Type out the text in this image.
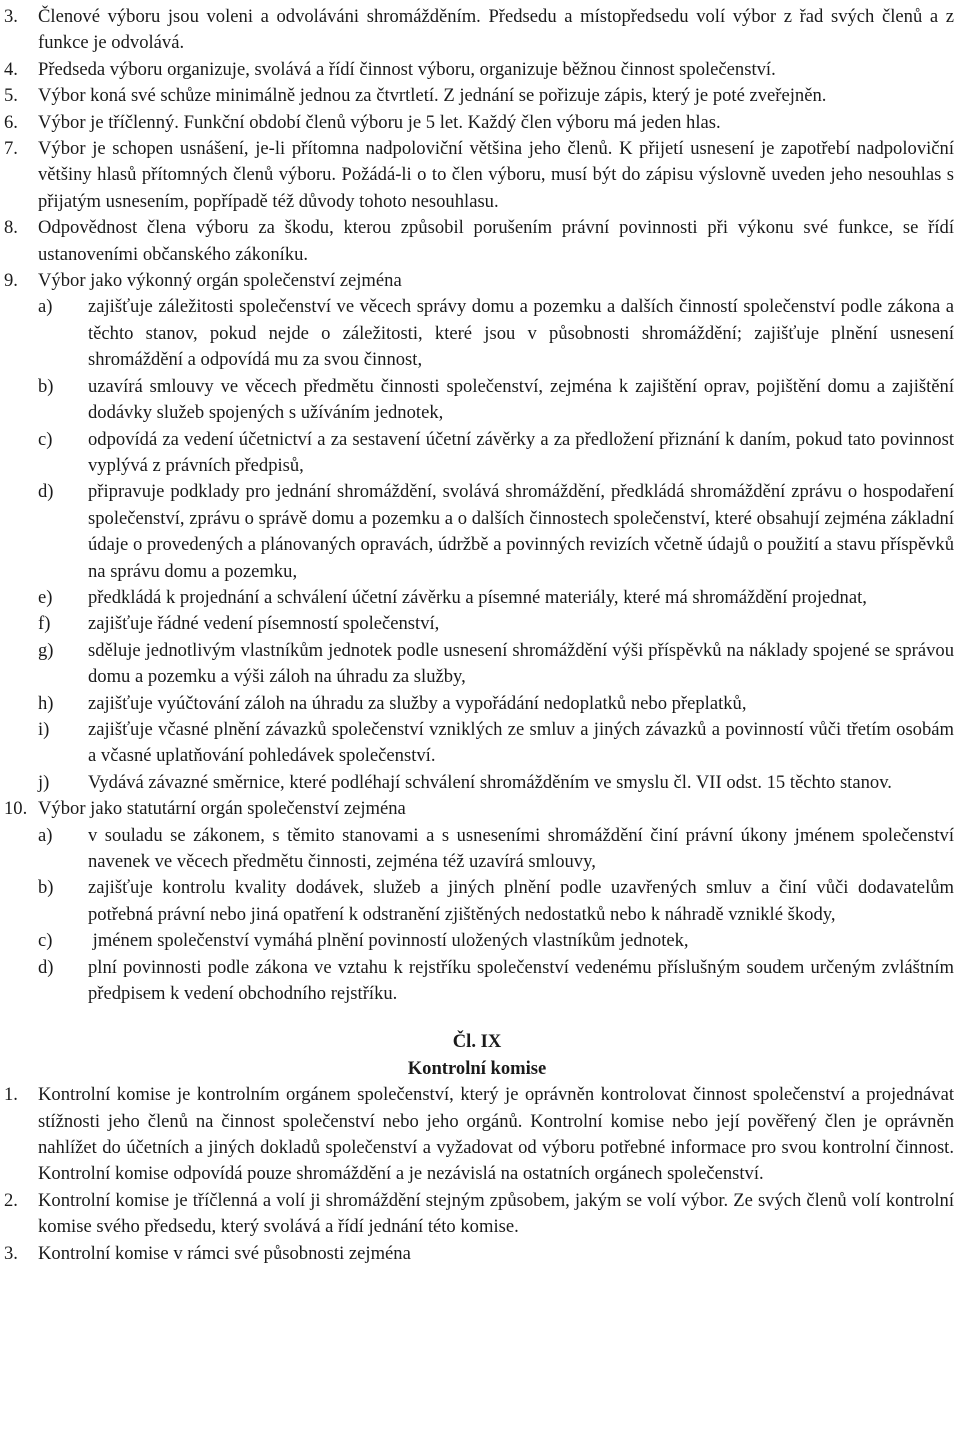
3.	Členové výboru jsou voleni a odvoláváni shromážděním. Předsedu a místopředsedu volí výbor z řad svých členů a z funkce je odvolává.
4.	Předseda výboru organizuje, svolává a řídí činnost výboru, organizuje běžnou činnost společenství.
5.	Výbor koná své schůze minimálně jednou za čtvrtletí. Z jednání se pořizuje zápis, který je poté zveřejněn.
6.	Výbor je tříčlenný. Funkční období členů výboru je 5 let. Každý člen výboru má jeden hlas.
7.	Výbor je schopen usnášení, je-li přítomna nadpoloviční většina jeho členů. K přijetí usnesení je zapotřebí nadpoloviční většiny hlasů přítomných členů výboru. Požádá-li o to člen výboru, musí být do zápisu výslovně uveden jeho nesouhlas s přijatým usnesením, popřípadě též důvody tohoto nesouhlasu.
8.	Odpovědnost člena výboru za škodu, kterou způsobil porušením právní povinnosti při výkonu své funkce, se řídí ustanoveními občanského zákoníku.
9.	Výbor jako výkonný orgán společenství zejména
a)	zajišťuje záležitosti společenství ve věcech správy domu a pozemku a dalších činností společenství podle zákona a těchto stanov, pokud nejde o záležitosti, které jsou v působnosti shromáždění; zajišťuje plnění usnesení shromáždění a odpovídá mu za svou činnost,
b)	uzavírá smlouvy ve věcech předmětu činnosti společenství, zejména k zajištění oprav, pojištění domu a zajištění dodávky služeb spojených s užíváním jednotek,
c)	odpovídá za vedení účetnictví a za sestavení účetní závěrky a za předložení přiznání k daním, pokud tato povinnost vyplývá z právních předpisů,
d)	připravuje podklady pro jednání shromáždění, svolává shromáždění, předkládá shromáždění zprávu o hospodaření společenství, zprávu o správě domu a pozemku a o dalších činnostech společenství, které obsahují zejména základní údaje o provedených a plánovaných opravách, údržbě a povinných revizích včetně údajů o použití a stavu příspěvků na správu domu a pozemku,
e)	předkládá k projednání a schválení účetní závěrku a písemné materiály, které má shromáždění projednat,
f)	zajišťuje řádné vedení písemností společenství,
g)	sděluje jednotlivým vlastníkům jednotek podle usnesení shromáždění výši příspěvků na náklady spojené se správou domu a pozemku a výši záloh na úhradu za služby,
h)	zajišťuje vyúčtování záloh na úhradu za služby a vypořádání nedoplatků nebo přeplatků,
i)	zajišťuje včasné plnění závazků společenství vzniklých ze smluv a jiných závazků a povinností vůči třetím osobám a včasné uplatňování pohledávek společenství.
j)	Vydává závazné směrnice, které podléhají schválení shromážděním ve smyslu čl. VII odst. 15 těchto stanov.
10. Výbor jako statutární orgán společenství zejména
a)	v souladu se zákonem, s těmito stanovami a s usneseními shromáždění činí právní úkony jménem společenství navenek ve věcech předmětu činnosti, zejména též uzavírá smlouvy,
b)	zajišťuje kontrolu kvality dodávek, služeb a jiných plnění podle uzavřených smluv a činí vůči dodavatelům potřebná právní nebo jiná opatření k odstranění zjištěných nedostatků nebo k náhradě vzniklé škody,
c)	jménem společenství vymáhá plnění povinností uložených vlastníkům jednotek,
d)	plní povinnosti podle zákona ve vztahu k rejstříku společenství vedenému příslušným soudem určeným zvláštním předpisem k vedení obchodního rejstříku.
Čl. IX
Kontrolní komise
1.	Kontrolní komise je kontrolním orgánem společenství, který je oprávněn kontrolovat činnost společenství a projednávat stížnosti jeho členů na činnost společenství nebo jeho orgánů. Kontrolní komise nebo její pověřený člen je oprávněn nahlížet do účetních a jiných dokladů společenství a vyžadovat od výboru potřebné informace pro svou kontrolní činnost. Kontrolní komise odpovídá pouze shromáždění a je nezávislá na ostatních orgánech společenství.
2.	Kontrolní komise je tříčlenná a volí ji shromáždění stejným způsobem, jakým se volí výbor. Ze svých členů volí kontrolní komise svého předsedu, který svolává a řídí jednání této komise.
3.	Kontrolní komise v rámci své působnosti zejména
